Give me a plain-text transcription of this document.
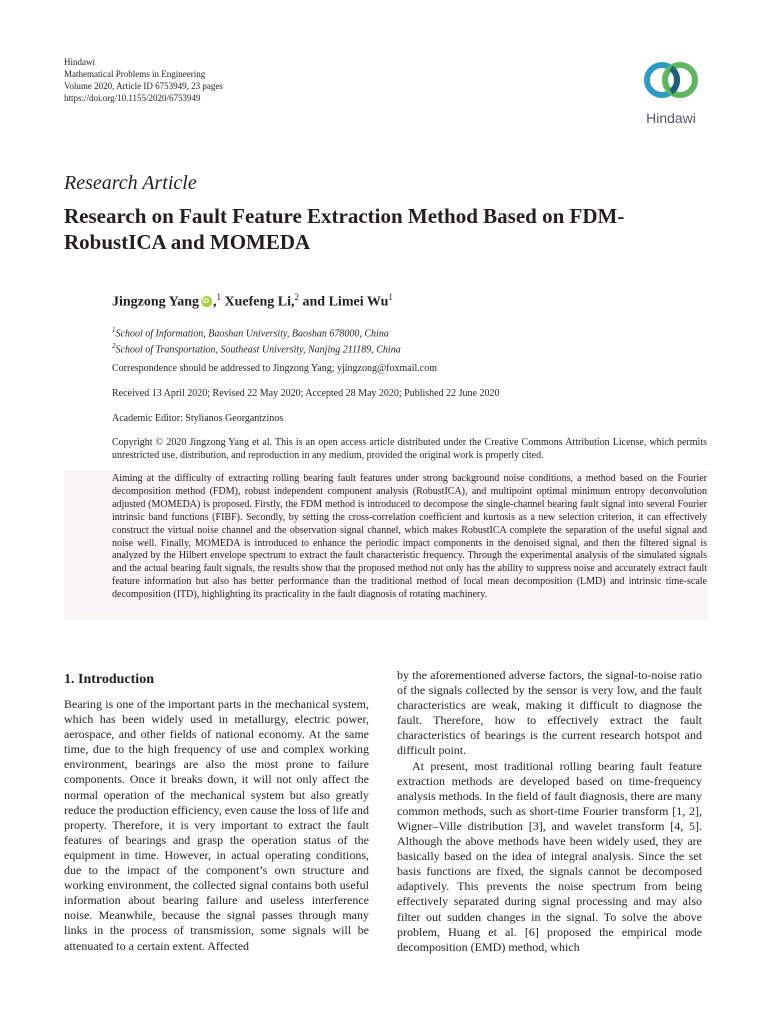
Hindawi
Mathematical Problems in Engineering
Volume 2020, Article ID 6753949, 23 pages
https://doi.org/10.1155/2020/6753949
Hindawi
Research Article
Research on Fault Feature Extraction Method Based on FDM-RobustICA and MOMEDA
Jingzong YangiD ,$^1$ Xuefeng Li,$^2$ and Limei Wu$^1$
$^1$School of Information, Baoshan University, Baoshan 678000, China
$^2$School of Transportation, Southeast University, Nanjing 211189, China
Correspondence should be addressed to Jingzong Yang; yjingzong@foxmail.com
Received 13 April 2020; Revised 22 May 2020; Accepted 28 May 2020; Published 22 June 2020
Academic Editor: Stylianos Georgantzinos
Copyright © 2020 Jingzong Yang et al. This is an open access article distributed under the Creative Commons Attribution License, which permits unrestricted use, distribution, and reproduction in any medium, provided the original work is properly cited.
Aiming at the difficulty of extracting rolling bearing fault features under strong background noise conditions, a method based on the Fourier decomposition method (FDM), robust independent component analysis (RobustICA), and multipoint optimal minimum entropy deconvolution adjusted (MOMEDA) is proposed. Firstly, the FDM method is introduced to decompose the single-channel bearing fault signal into several Fourier intrinsic band functions (FIBF). Secondly, by setting the cross-correlation coefficient and kurtosis as a new selection criterion, it can effectively construct the virtual noise channel and the observation signal channel, which makes RobustICA complete the separation of the useful signal and noise well. Finally, MOMEDA is introduced to enhance the periodic impact components in the denoised signal, and then the filtered signal is analyzed by the Hilbert envelope spectrum to extract the fault characteristic frequency. Through the experimental analysis of the simulated signals and the actual bearing fault signals, the results show that the proposed method not only has the ability to suppress noise and accurately extract fault feature information but also has better performance than the traditional method of local mean decomposition (LMD) and intrinsic time-scale decomposition (ITD), highlighting its practicality in the fault diagnosis of rotating machinery.
1. Introduction

Bearing is one of the important parts in the mechanical system, which has been widely used in metallurgy, electric power, aerospace, and other fields of national economy. At the same time, due to the high frequency of use and complex working environment, bearings are also the most prone to failure components. Once it breaks down, it will not only affect the normal operation of the mechanical system but also greatly reduce the production efficiency, even cause the loss of life and property. Therefore, it is very important to extract the fault features of bearings and grasp the operation status of the equipment in time. However, in actual operating conditions, due to the impact of the component’s own structure and working environment, the collected signal contains both useful information about bearing failure and useless interference noise. Meanwhile, because the signal passes through many links in the process of transmission, some signals will be attenuated to a certain extent. Affected

by the aforementioned adverse factors, the signal-to-noise ratio of the signals collected by the sensor is very low, and the fault characteristics are weak, making it difficult to diagnose the fault. Therefore, how to effectively extract the fault characteristics of bearings is the current research hotspot and difficult point.

At present, most traditional rolling bearing fault feature extraction methods are developed based on time-frequency analysis methods. In the field of fault diagnosis, there are many common methods, such as short-time Fourier transform [1, 2], Wigner–Ville distribution [3], and wavelet transform [4, 5]. Although the above methods have been widely used, they are basically based on the idea of integral analysis. Since the set basis functions are fixed, the signals cannot be decomposed adaptively. This prevents the noise spectrum from being effectively separated during signal processing and may also filter out sudden changes in the signal. To solve the above problem, Huang et al. [6] proposed the empirical mode decomposition (EMD) method, which
